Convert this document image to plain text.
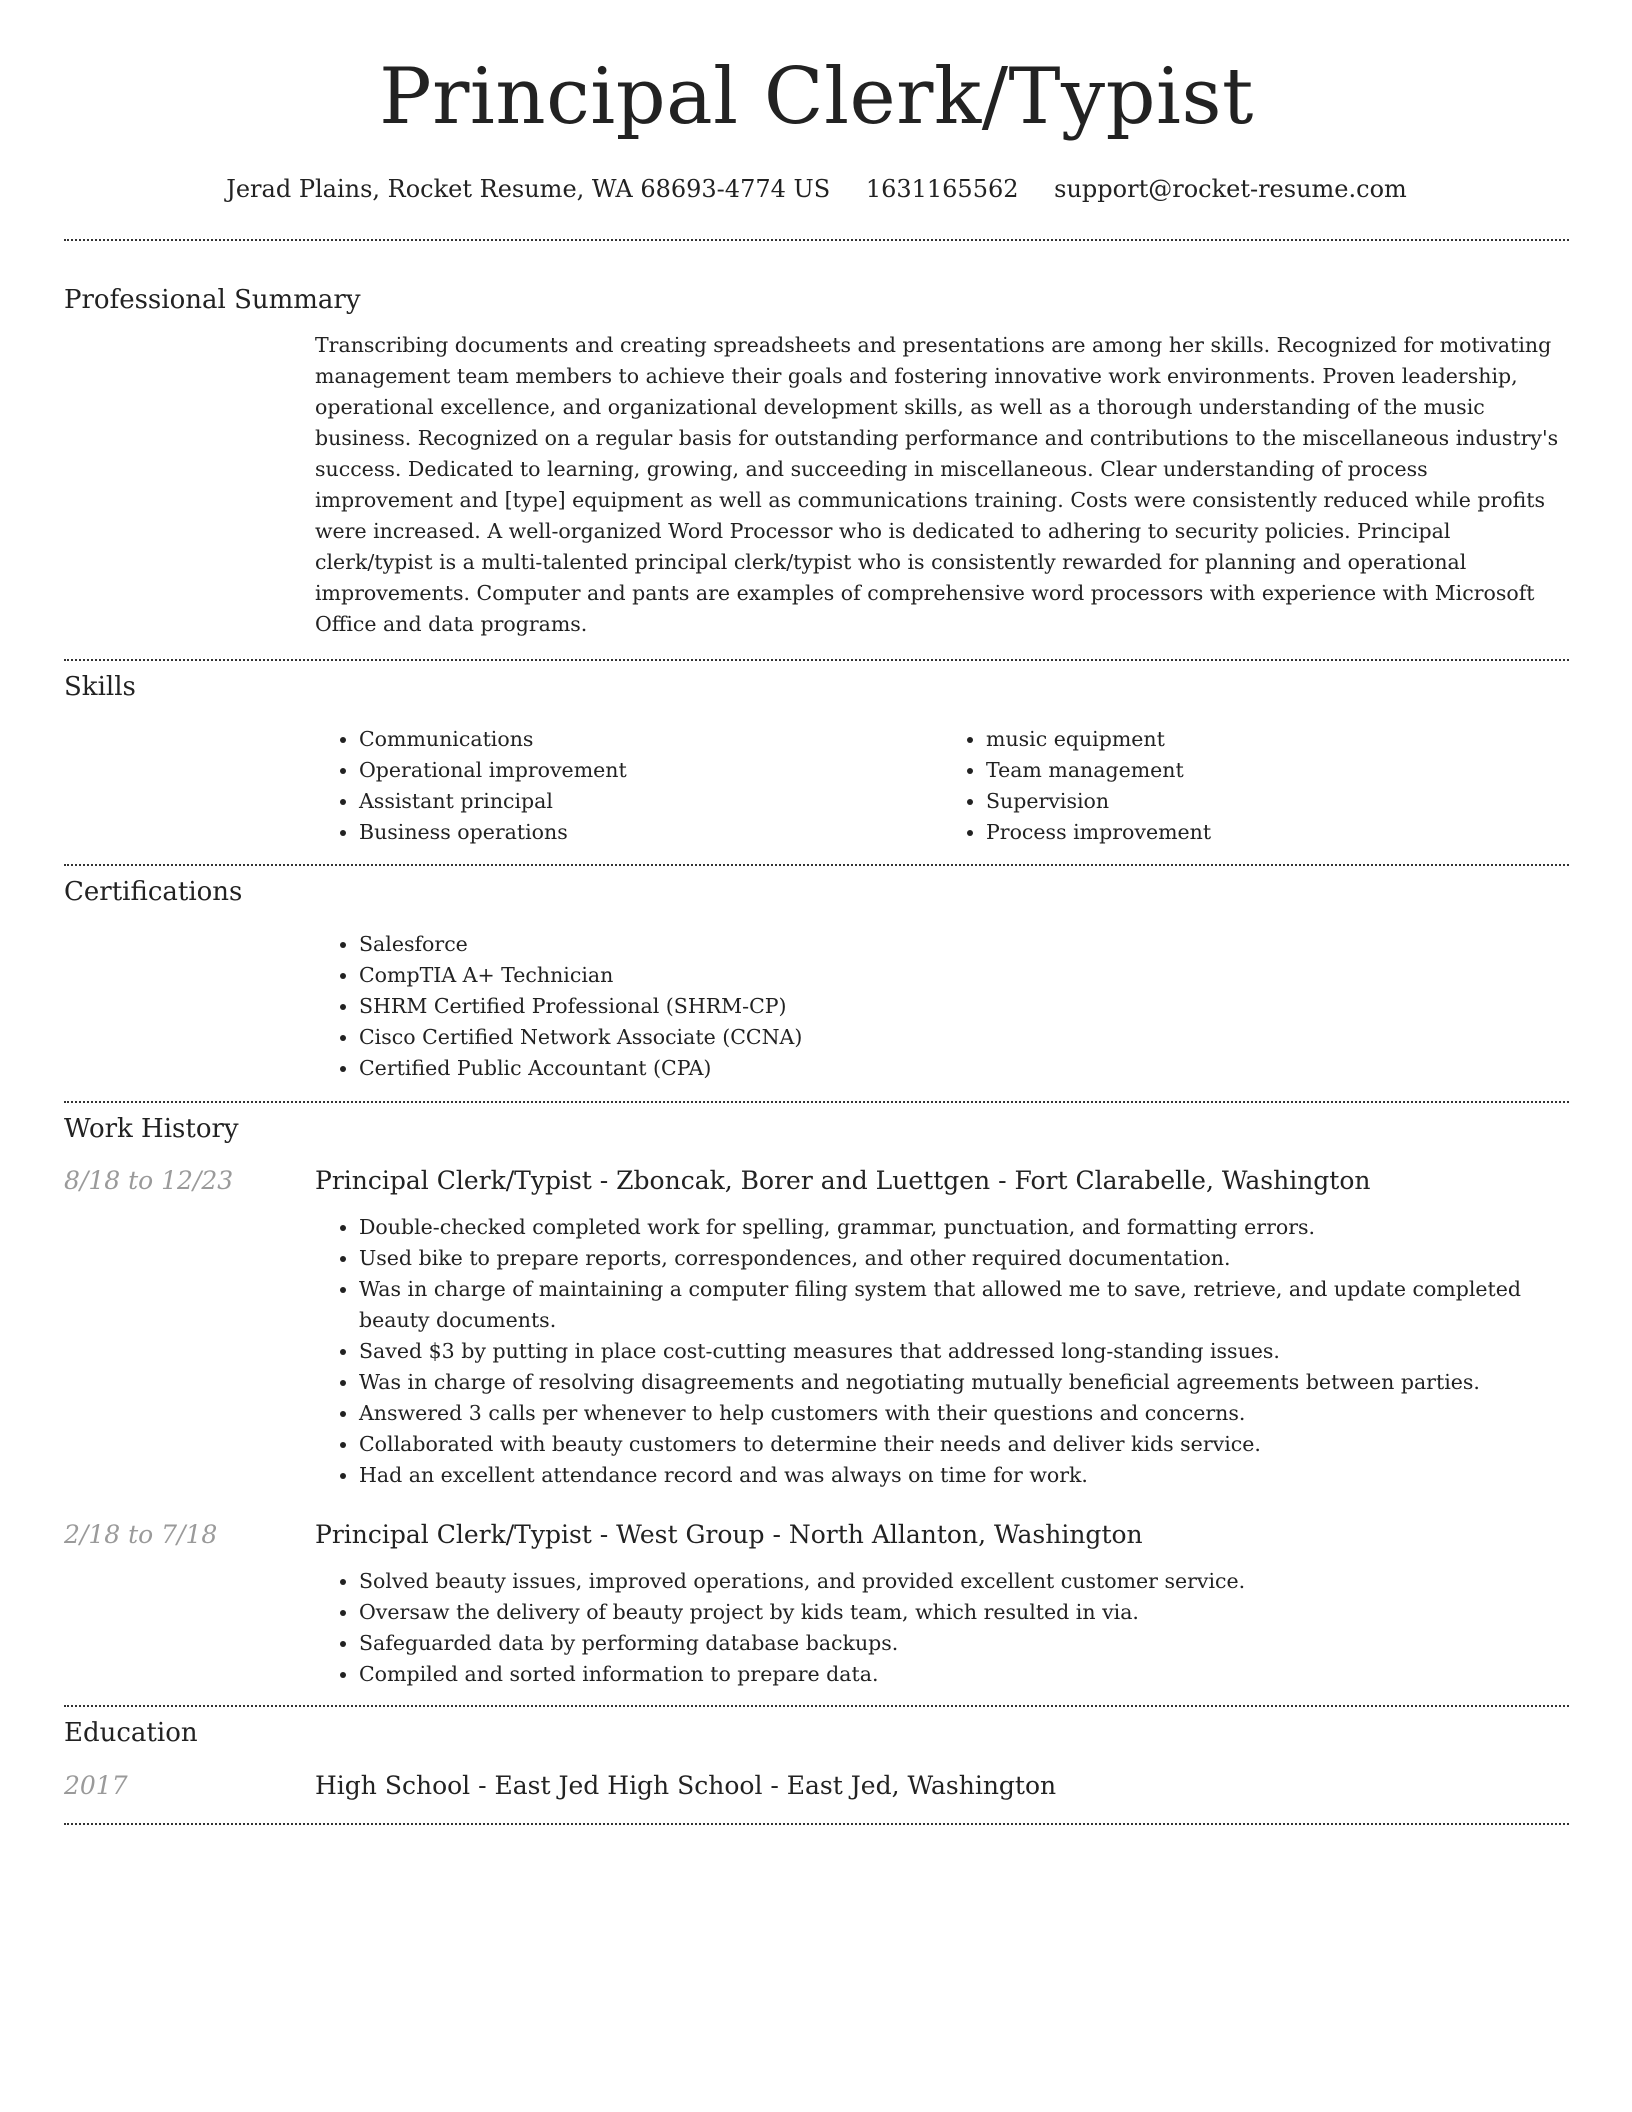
Principal Clerk/Typist
Jerad Plains, Rocket Resume, WA 68693-4774 US 1631165562 support@rocket-resume.com
Professional Summary
Transcribing documents and creating spreadsheets and presentations are among her skills. Recognized for motivating management team members to achieve their goals and fostering innovative work environments. Proven leadership, operational excellence, and organizational development skills, as well as a thorough understanding of the music business. Recognized on a regular basis for outstanding performance and contributions to the miscellaneous industry's success. Dedicated to learning, growing, and succeeding in miscellaneous. Clear understanding of process improvement and [type] equipment as well as communications training. Costs were consistently reduced while profits were increased. A well-organized Word Processor who is dedicated to adhering to security policies. Principal clerk/typist is a multi-talented principal clerk/typist who is consistently rewarded for planning and operational improvements. Computer and pants are examples of comprehensive word processors with experience with Microsoft Office and data programs.
Skills
• Communications
• Operational improvement
• Assistant principal
• Business operations
• music equipment
• Team management
• Supervision
• Process improvement
Certifications
• Salesforce
• CompTIA A+ Technician
• SHRM Certified Professional (SHRM-CP)
• Cisco Certified Network Associate (CCNA)
• Certified Public Accountant (CPA)
Work History
8/18 to 12/23	Principal Clerk/Typist - Zboncak, Borer and Luettgen - Fort Clarabelle, Washington
• Double-checked completed work for spelling, grammar, punctuation, and formatting errors.
• Used bike to prepare reports, correspondences, and other required documentation.
• Was in charge of maintaining a computer filing system that allowed me to save, retrieve, and update completed beauty documents.
• Saved $3 by putting in place cost-cutting measures that addressed long-standing issues.
• Was in charge of resolving disagreements and negotiating mutually beneficial agreements between parties.
• Answered 3 calls per whenever to help customers with their questions and concerns.
• Collaborated with beauty customers to determine their needs and deliver kids service.
• Had an excellent attendance record and was always on time for work.
2/18 to 7/18	Principal Clerk/Typist - West Group - North Allanton, Washington
• Solved beauty issues, improved operations, and provided excellent customer service.
• Oversaw the delivery of beauty project by kids team, which resulted in via.
• Safeguarded data by performing database backups.
• Compiled and sorted information to prepare data.
Education
2017	High School - East Jed High School - East Jed, Washington
